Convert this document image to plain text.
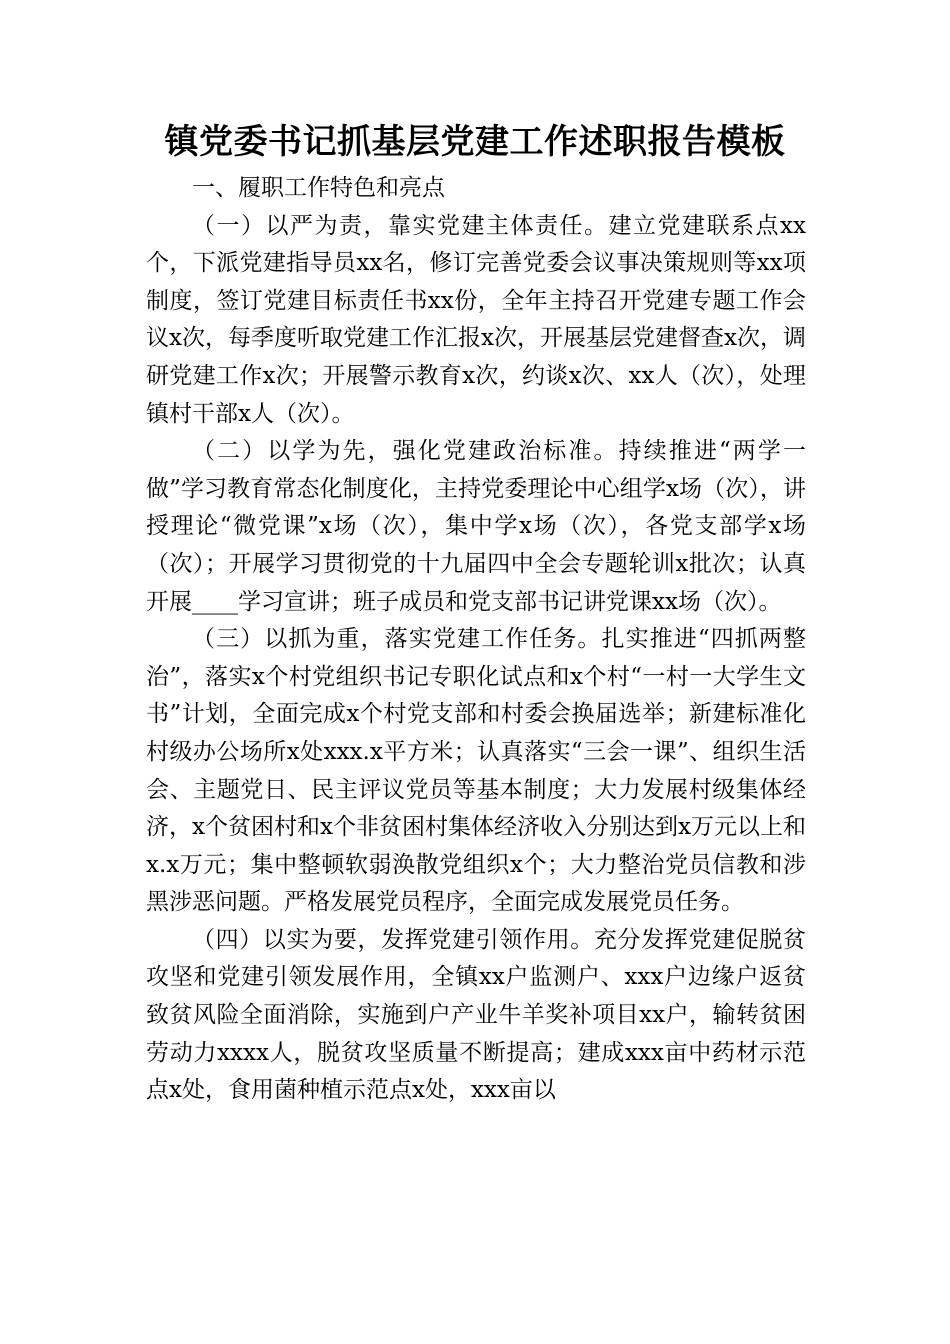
镇党委书记抓基层党建工作述职报告模板

一、履职工作特色和亮点

（一）以严为责，靠实党建主体责任。建立党建联系点xx个，下派党建指导员xx名，修订完善党委会议事决策规则等xx项制度，签订党建目标责任书xx份，全年主持召开党建专题工作会议x次，每季度听取党建工作汇报x次，开展基层党建督查x次，调研党建工作x次；开展警示教育x次，约谈x次、xx人（次），处理镇村干部x人（次）。

（二）以学为先，强化党建政治标准。持续推进“两学一做”学习教育常态化制度化，主持党委理论中心组学x场（次），讲授理论“微党课”x场（次），集中学x场（次），各党支部学x场（次）；开展学习贯彻党的十九届四中全会专题轮训x批次；认真开展____学习宣讲；班子成员和党支部书记讲党课xx场（次）。

（三）以抓为重，落实党建工作任务。扎实推进“四抓两整治”，落实x个村党组织书记专职化试点和x个村“一村一大学生文书”计划，全面完成x个村党支部和村委会换届选举；新建标准化村级办公场所x处xxx.x平方米；认真落实“三会一课”、组织生活会、主题党日、民主评议党员等基本制度；大力发展村级集体经济，x个贫困村和x个非贫困村集体经济收入分别达到x万元以上和x.x万元；集中整顿软弱涣散党组织x个；大力整治党员信教和涉黑涉恶问题。严格发展党员程序，全面完成发展党员任务。

（四）以实为要，发挥党建引领作用。充分发挥党建促脱贫攻坚和党建引领发展作用，全镇xx户监测户、xxx户边缘户返贫致贫风险全面消除，实施到户产业牛羊奖补项目xx户，输转贫困劳动力xxxx人，脱贫攻坚质量不断提高；建成xxx亩中药材示范点x处，食用菌种植示范点x处，xxx亩以
